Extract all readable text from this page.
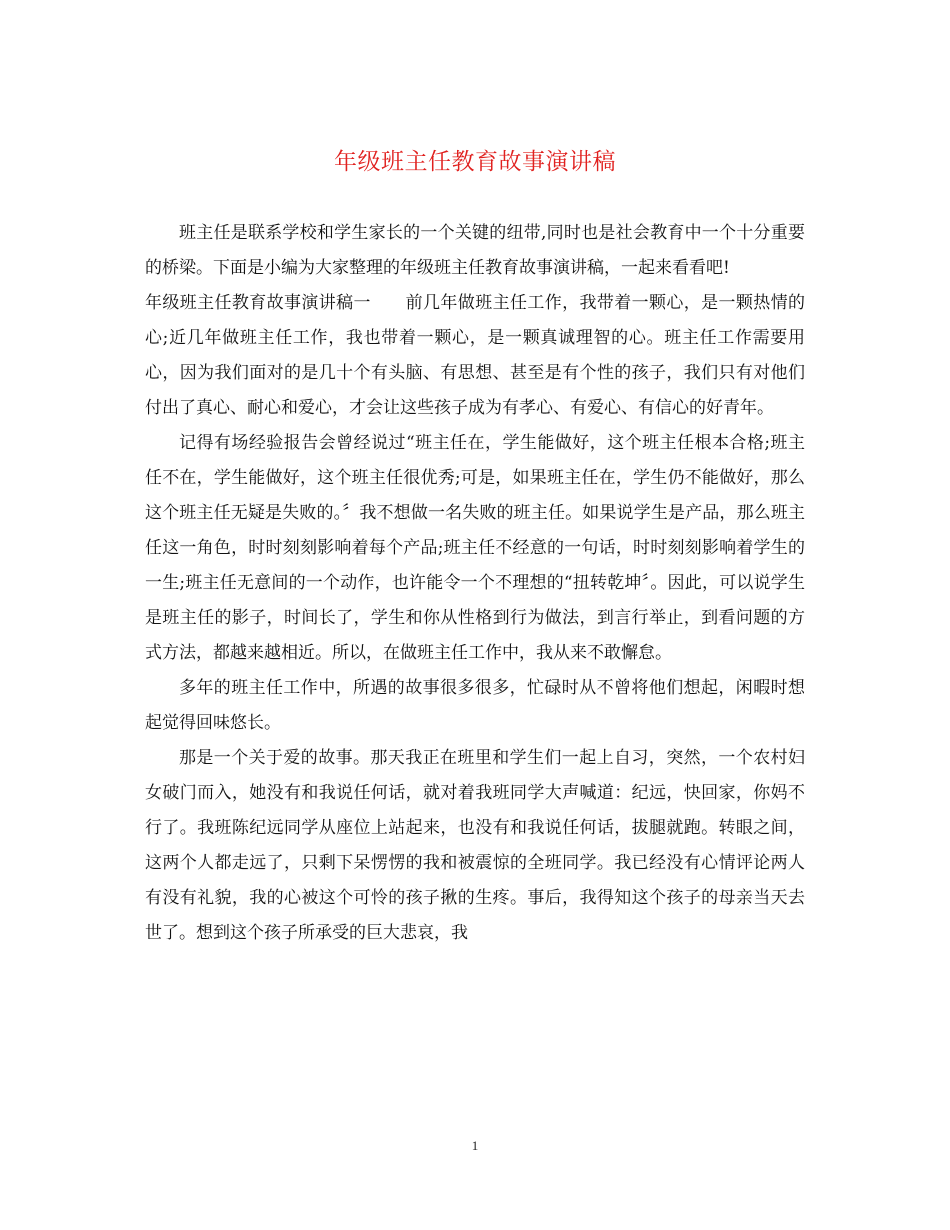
年级班主任教育故事演讲稿

班主任是联系学校和学生家长的一个关键的纽带,同时也是社会教育中一个十分重要的桥梁。下面是小编为大家整理的年级班主任教育故事演讲稿，一起来看看吧!

年级班主任教育故事演讲稿一　　前几年做班主任工作，我带着一颗心，是一颗热情的心;近几年做班主任工作，我也带着一颗心，是一颗真诚理智的心。班主任工作需要用心，因为我们面对的是几十个有头脑、有思想、甚至是有个性的孩子，我们只有对他们付出了真心、耐心和爱心，才会让这些孩子成为有孝心、有爱心、有信心的好青年。

记得有场经验报告会曾经说过“班主任在，学生能做好，这个班主任根本合格;班主任不在，学生能做好，这个班主任很优秀;可是，如果班主任在，学生仍不能做好，那么这个班主任无疑是失败的。〞我不想做一名失败的班主任。如果说学生是产品，那么班主任这一角色，时时刻刻影响着每个产品;班主任不经意的一句话，时时刻刻影响着学生的一生;班主任无意间的一个动作，也许能令一个不理想的“扭转乾坤〞。因此，可以说学生是班主任的影子，时间长了，学生和你从性格到行为做法，到言行举止，到看问题的方式方法，都越来越相近。所以，在做班主任工作中，我从来不敢懈怠。

多年的班主任工作中，所遇的故事很多很多，忙碌时从不曾将他们想起，闲暇时想起觉得回味悠长。

那是一个关于爱的故事。那天我正在班里和学生们一起上自习，突然，一个农村妇女破门而入，她没有和我说任何话，就对着我班同学大声喊道：纪远，快回家，你妈不行了。我班陈纪远同学从座位上站起来，也没有和我说任何话，拔腿就跑。转眼之间，这两个人都走远了，只剩下呆愣愣的我和被震惊的全班同学。我已经没有心情评论两人有没有礼貌，我的心被这个可怜的孩子揪的生疼。事后，我得知这个孩子的母亲当天去世了。想到这个孩子所承受的巨大悲哀，我

1
